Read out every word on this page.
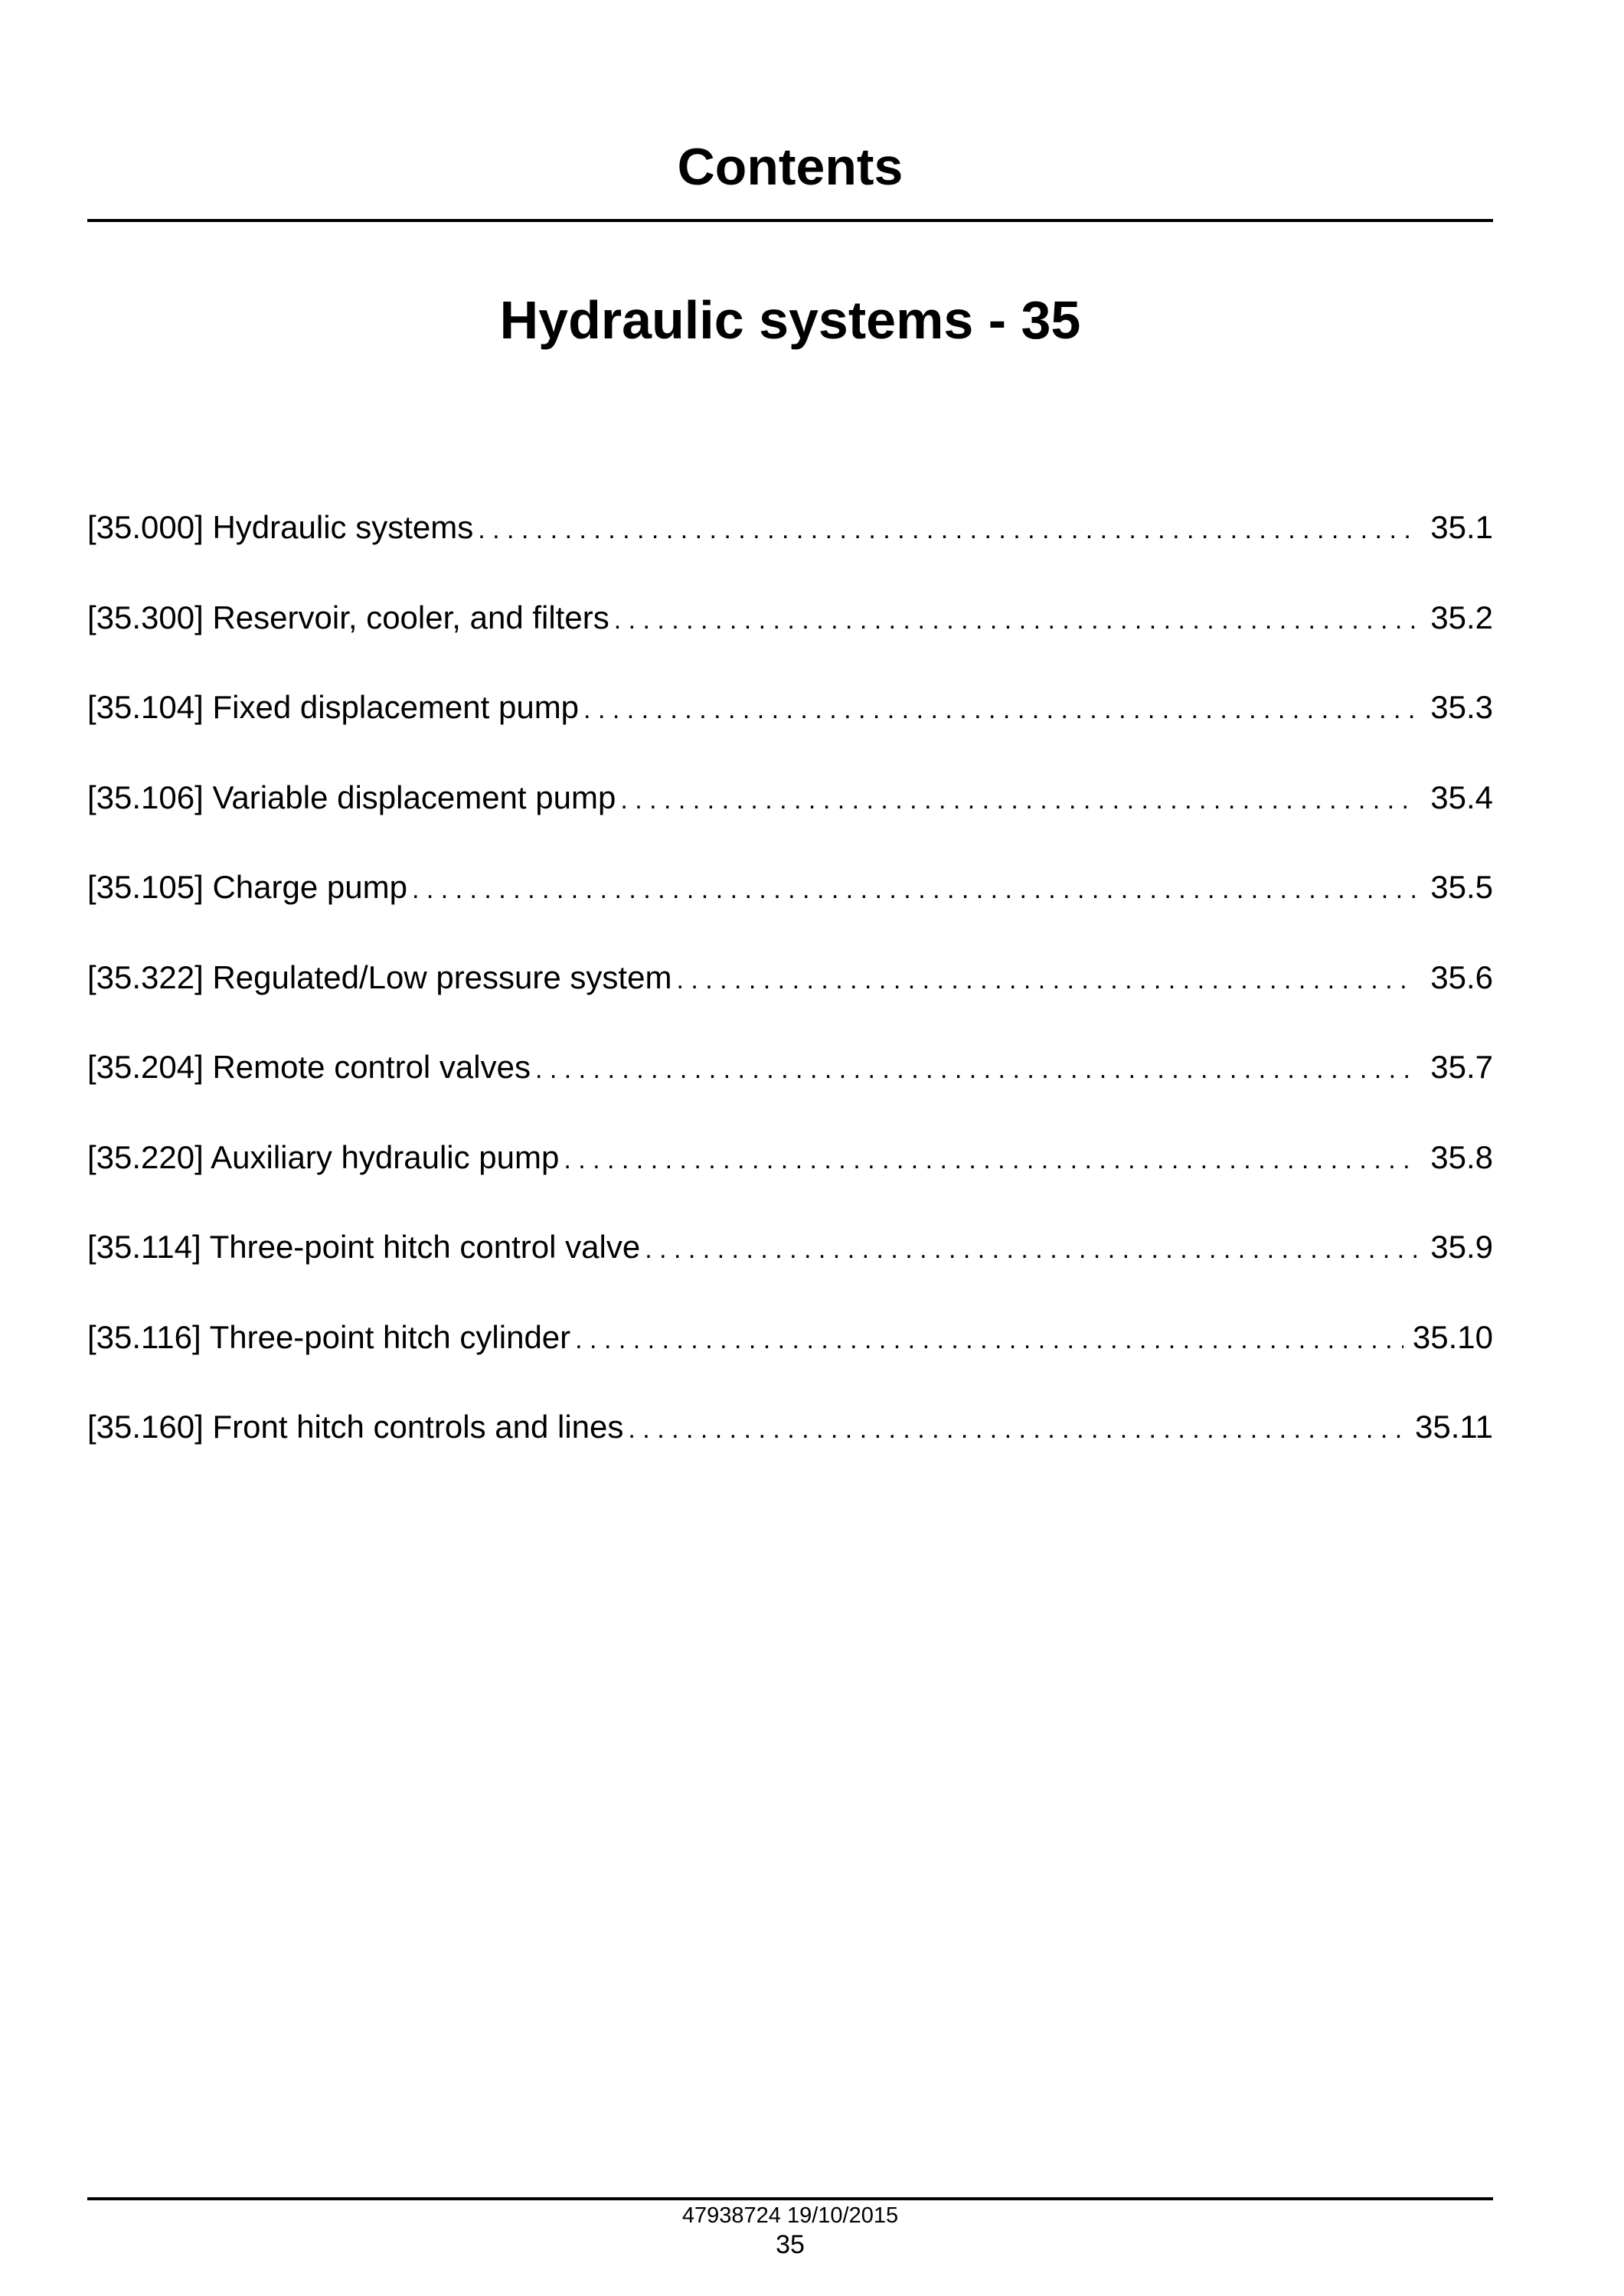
Contents
Hydraulic systems - 35
[35.000] Hydraulic systems . . .	35.1
[35.300] Reservoir, cooler, and filters . . .	35.2
[35.104] Fixed displacement pump . . .	35.3
[35.106] Variable displacement pump . . .	35.4
[35.105] Charge pump . . .	35.5
[35.322] Regulated/Low pressure system . . .	35.6
[35.204] Remote control valves . . .	35.7
[35.220] Auxiliary hydraulic pump . . .	35.8
[35.114] Three-point hitch control valve . . .	35.9
[35.116] Three-point hitch cylinder . . .	35.10
[35.160] Front hitch controls and lines . . .	35.11
47938724 19/10/2015
35
